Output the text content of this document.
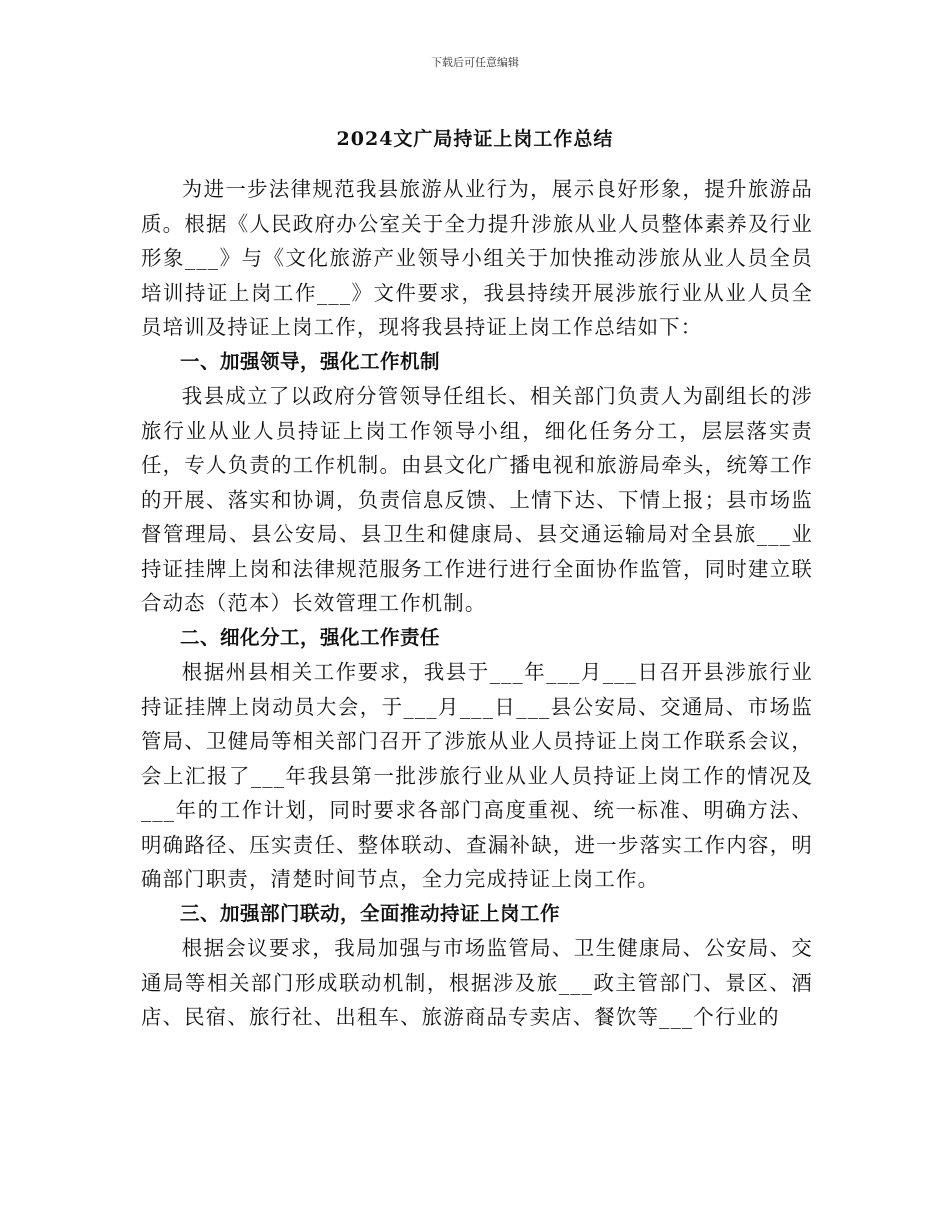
下载后可任意编辑
2024文广局持证上岗工作总结

为进一步法律规范我县旅游从业行为，展示良好形象，提升旅游品质。根据《人民政府办公室关于全力提升涉旅从业人员整体素养及行业形象___》与《文化旅游产业领导小组关于加快推动涉旅从业人员全员培训持证上岗工作___》文件要求，我县持续开展涉旅行业从业人员全员培训及持证上岗工作，现将我县持证上岗工作总结如下：

一、加强领导，强化工作机制

我县成立了以政府分管领导任组长、相关部门负责人为副组长的涉旅行业从业人员持证上岗工作领导小组，细化任务分工，层层落实责任，专人负责的工作机制。由县文化广播电视和旅游局牵头，统筹工作的开展、落实和协调，负责信息反馈、上情下达、下情上报；县市场监督管理局、县公安局、县卫生和健康局、县交通运输局对全县旅___业持证挂牌上岗和法律规范服务工作进行进行全面协作监管，同时建立联合动态（范本）长效管理工作机制。

二、细化分工，强化工作责任

根据州县相关工作要求，我县于___年___月___日召开县涉旅行业持证挂牌上岗动员大会，于___月___日___县公安局、交通局、市场监管局、卫健局等相关部门召开了涉旅从业人员持证上岗工作联系会议，会上汇报了___年我县第一批涉旅行业从业人员持证上岗工作的情况及___年的工作计划，同时要求各部门高度重视、统一标准、明确方法、明确路径、压实责任、整体联动、查漏补缺，进一步落实工作内容，明确部门职责，清楚时间节点，全力完成持证上岗工作。

三、加强部门联动，全面推动持证上岗工作

根据会议要求，我局加强与市场监管局、卫生健康局、公安局、交通局等相关部门形成联动机制，根据涉及旅___政主管部门、景区、酒店、民宿、旅行社、出租车、旅游商品专卖店、餐饮等___个行业的
